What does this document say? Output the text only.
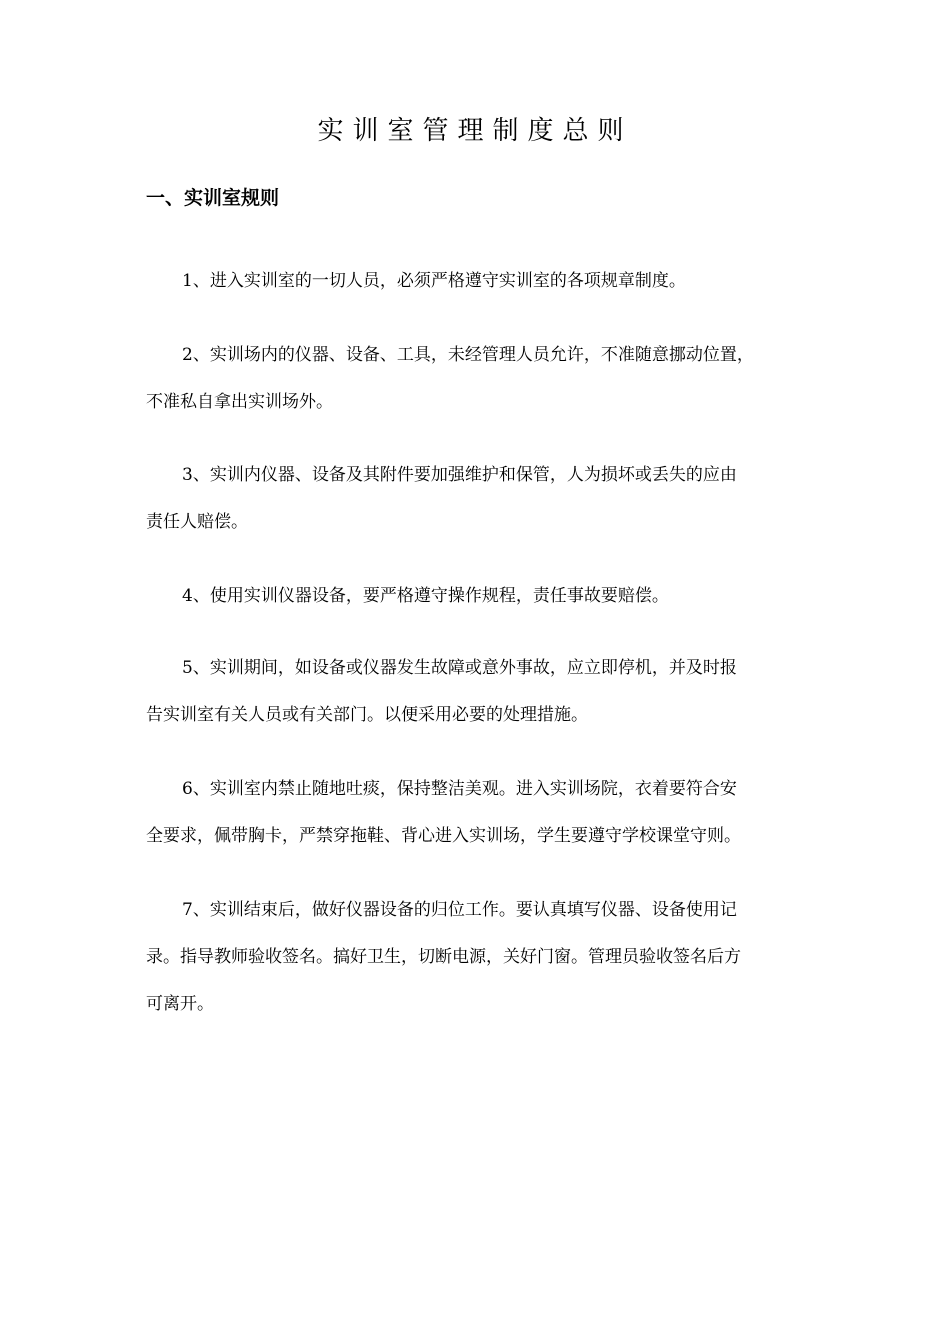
实训室管理制度总则
一、实训室规则

1、进入实训室的一切人员，必须严格遵守实训室的各项规章制度。

2、实训场内的仪器、设备、工具，未经管理人员允许，不准随意挪动位置，
不准私自拿出实训场外。

3、实训内仪器、设备及其附件要加强维护和保管，人为损坏或丢失的应由
责任人赔偿。

4、使用实训仪器设备，要严格遵守操作规程，责任事故要赔偿。

5、实训期间，如设备或仪器发生故障或意外事故，应立即停机，并及时报
告实训室有关人员或有关部门。以便采用必要的处理措施。

6、实训室内禁止随地吐痰，保持整洁美观。进入实训场院，衣着要符合安
全要求，佩带胸卡，严禁穿拖鞋、背心进入实训场，学生要遵守学校课堂守则。

7、实训结束后，做好仪器设备的归位工作。要认真填写仪器、设备使用记
录。指导教师验收签名。搞好卫生，切断电源，关好门窗。管理员验收签名后方
可离开。
